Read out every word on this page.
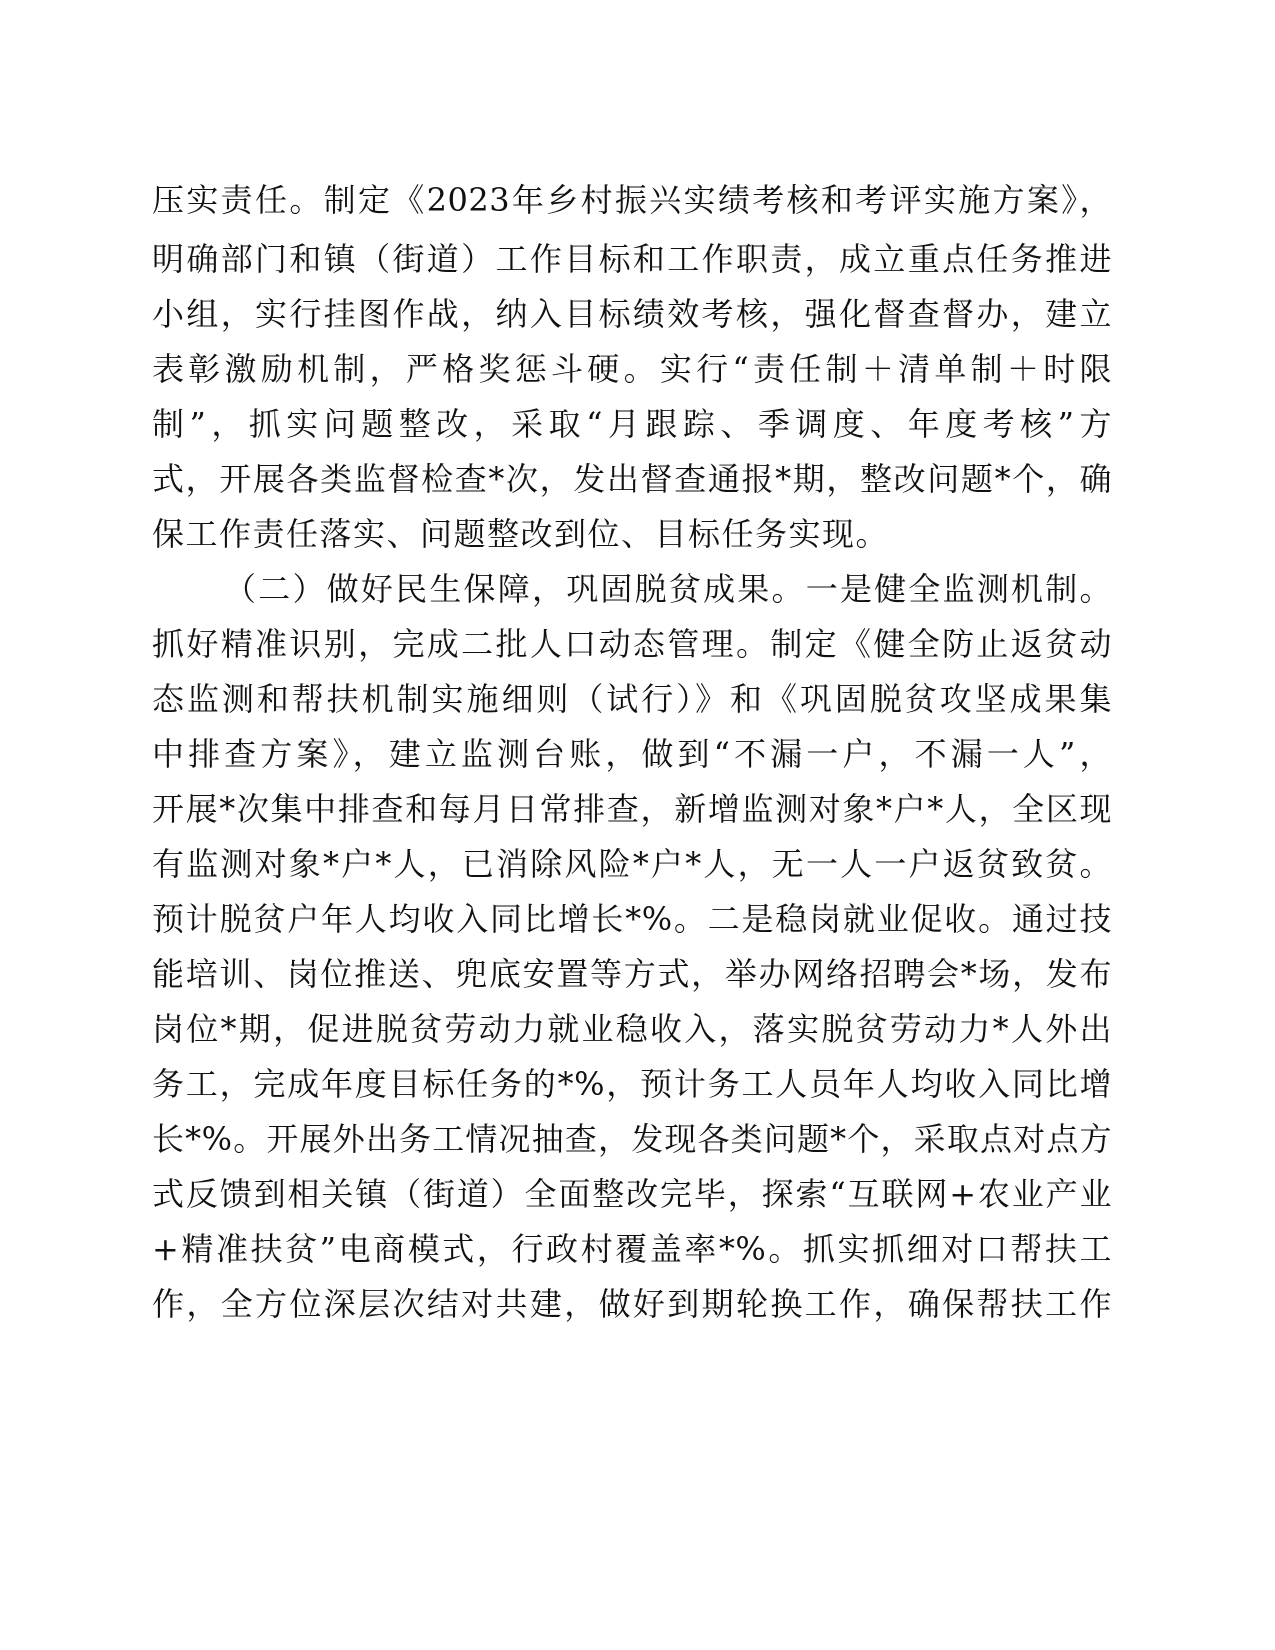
压实责任。制定《2023年乡村振兴实绩考核和考评实施方案》，
明确部门和镇（街道）工作目标和工作职责，成立重点任务推进
小组，实行挂图作战，纳入目标绩效考核，强化督查督办，建立
表彰激励机制，严格奖惩斗硬。实行“责任制＋清单制＋时限
制”，抓实问题整改，采取“月跟踪、季调度、年度考核”方
式，开展各类监督检查*次，发出督查通报*期，整改问题*个，确
保工作责任落实、问题整改到位、目标任务实现。
（二）做好民生保障，巩固脱贫成果。一是健全监测机制。
抓好精准识别，完成二批人口动态管理。制定《健全防止返贫动
态监测和帮扶机制实施细则（试行）》和《巩固脱贫攻坚成果集
中排查方案》，建立监测台账，做到“不漏一户，不漏一人”，
开展*次集中排查和每月日常排查，新增监测对象*户*人，全区现
有监测对象*户*人，已消除风险*户*人，无一人一户返贫致贫。
预计脱贫户年人均收入同比增长*%。二是稳岗就业促收。通过技
能培训、岗位推送、兜底安置等方式，举办网络招聘会*场，发布
岗位*期，促进脱贫劳动力就业稳收入，落实脱贫劳动力*人外出
务工，完成年度目标任务的*%，预计务工人员年人均收入同比增
长*%。开展外出务工情况抽查，发现各类问题*个，采取点对点方
式反馈到相关镇（街道）全面整改完毕，探索“互联网+农业产业
+精准扶贫”电商模式，行政村覆盖率*%。抓实抓细对口帮扶工
作，全方位深层次结对共建，做好到期轮换工作，确保帮扶工作
